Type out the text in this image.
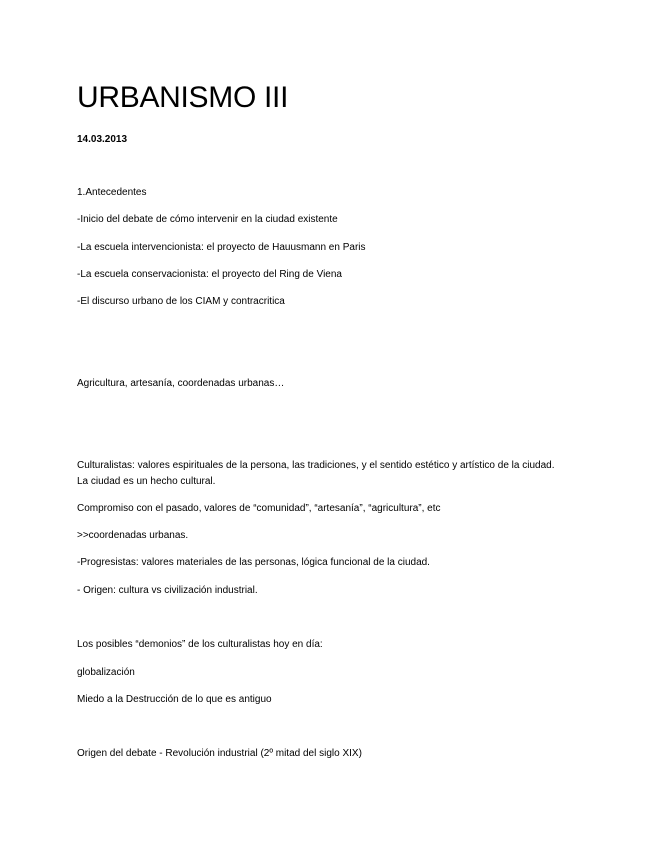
URBANISMO III
14.03.2013
1.Antecedentes
-Inicio del debate de cómo intervenir en la ciudad existente
-La escuela intervencionista: el proyecto de Hauusmann en Paris
-La escuela conservacionista: el proyecto del Ring de Viena
-El discurso urbano de los CIAM y contracritica
Agricultura, artesanía, coordenadas urbanas…
Culturalistas: valores espirituales de la persona, las tradiciones, y el sentido estético y artístico de la ciudad. La ciudad es un hecho cultural.
Compromiso con el pasado, valores de “comunidad”, “artesanía”, “agricultura”, etc
>>coordenadas urbanas.
-Progresistas: valores materiales de las personas, lógica funcional de la ciudad.
- Origen: cultura vs civilización industrial.
Los posibles “demonios” de los culturalistas hoy en día:
globalización
Miedo a la Destrucción de lo que es antiguo
Origen del debate - Revolución industrial (2º mitad del siglo XIX)
